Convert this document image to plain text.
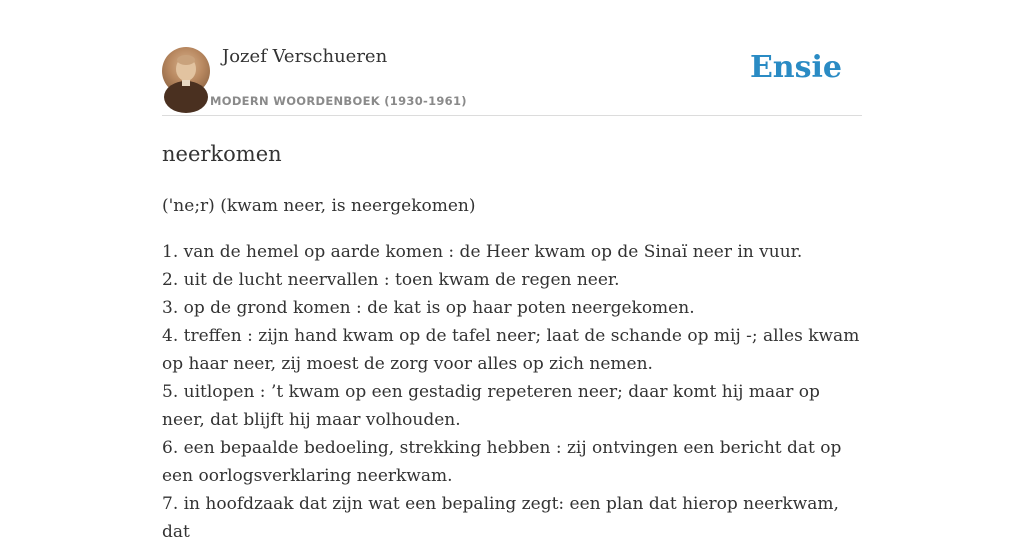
Jozef Verschueren
MODERN WOORDENBOEK (1930-1961)
Ensie
neerkomen

('ne;r) (kwam neer, is neergekomen)

1. van de hemel op aarde komen : de Heer kwam op de Sinaï neer in vuur.

2. uit de lucht neervallen : toen kwam de regen neer.

3. op de grond komen : de kat is op haar poten neergekomen.

4. treffen : zijn hand kwam op de tafel neer; laat de schande op mij -; alles kwam op haar neer, zij moest de zorg voor alles op zich nemen.

5. uitlopen : ’t kwam op een gestadig repeteren neer; daar komt hij maar op neer, dat blijft hij maar volhouden.

6. een bepaalde bedoeling, strekking hebben : zij ontvingen een bericht dat op een oorlogsverklaring neerkwam.

7. in hoofdzaak dat zijn wat een bepaling zegt: een plan dat hierop neerkwam, dat
